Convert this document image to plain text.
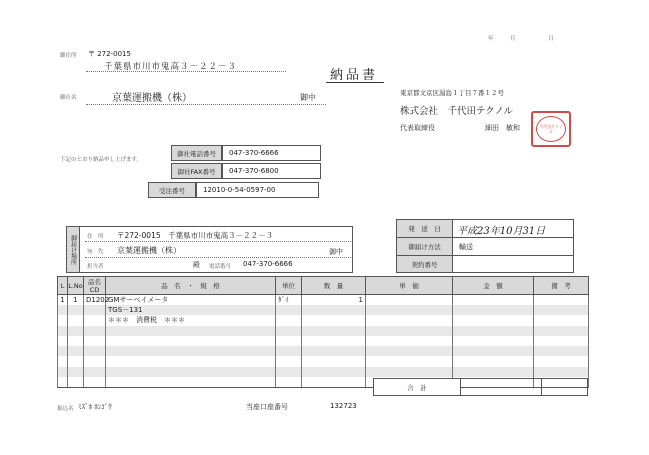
年	月	日
御住所 〒 272-0015
千葉県市川市鬼高３－２２－３
納品書
御社名	京葉運搬機（株）	御中	東京都文京区湯島１丁目７番１２号
株式会社　千代田テクノル
代表取締役	細田　敏和	千代田テクノル
下記のとおり納品申し上げます。
御社電話番号	047-370-6666
御社FAX番号	047-370-6800
受注番号	12010-0-54-0597-00
御届け場所	住　所 〒272-0015　千葉県市川市鬼高３－２２－３
宛　先 京葉運搬機（株）	御中
担当者	殿 電話番号 047-370-6666
発　送　日	平成23年10月31日
御届け方法	輸送
契約番号
L	L.No	品名CD	品　名　・　規　格	単位	数　量	単　価	金　額	備　考
1	1	D1202	GMサーベイメータ	ﾀﾞｲ	1			
			TGS－131					
			＊＊＊　消費税　＊＊＊					

合　計
振込名 ﾐｽﾞﾎ ﾎﾝｺﾞｳ	当座口座番号	132723
